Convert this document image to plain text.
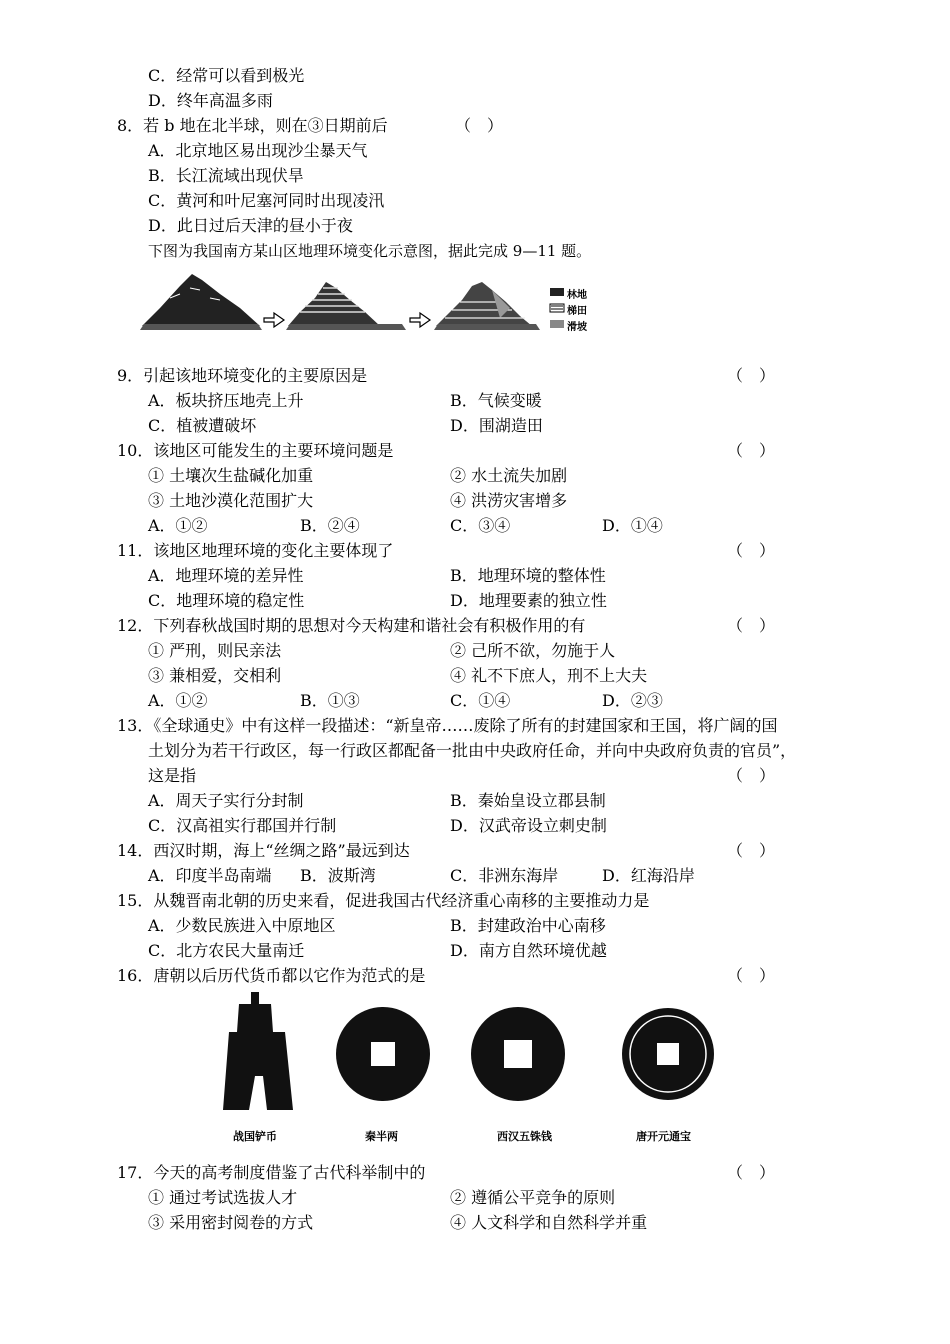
C．经常可以看到极光
D．终年高温多雨
8．若 b 地在北半球，则在③日期前后	（　）
A．北京地区易出现沙尘暴天气
B．长江流域出现伏旱
C．黄河和叶尼塞河同时出现凌汛
D．此日过后天津的昼小于夜
下图为我国南方某山区地理环境变化示意图，据此完成 9—11 题。
林地
梯田
滑坡
9．引起该地环境变化的主要原因是	（　）
A．板块挤压地壳上升	B．气候变暖
C．植被遭破坏	D．围湖造田
10．该地区可能发生的主要环境问题是	（　）
① 土壤次生盐碱化加重	② 水土流失加剧
③ 土地沙漠化范围扩大	④ 洪涝灾害增多
A．①②	B．②④	C．③④	D．①④
11．该地区地理环境的变化主要体现了	（　）
A．地理环境的差异性	B．地理环境的整体性
C．地理环境的稳定性	D．地理要素的独立性
12．下列春秋战国时期的思想对今天构建和谐社会有积极作用的有	（　）
① 严刑，则民亲法	② 己所不欲，勿施于人
③ 兼相爱，交相利	④ 礼不下庶人，刑不上大夫
A．①②	B．①③	C．①④	D．②③
13．《全球通史》中有这样一段描述：“新皇帝……废除了所有的封建国家和王国，将广阔的国
土划分为若干行政区，每一行政区都配备一批由中央政府任命，并向中央政府负责的官员”，
这是指	（　）
A．周天子实行分封制	B．秦始皇设立郡县制
C．汉高祖实行郡国并行制	D．汉武帝设立刺史制
14．西汉时期，海上“丝绸之路”最远到达	（　）
A．印度半岛南端 B．波斯湾	C．非洲东海岸	D．红海沿岸
15．从魏晋南北朝的历史来看，促进我国古代经济重心南移的主要推动力是
A．少数民族进入中原地区	B．封建政治中心南移
C．北方农民大量南迁	D．南方自然环境优越
16．唐朝以后历代货币都以它作为范式的是	（　）
战国铲币	秦半两	西汉五铢钱	唐开元通宝
17．今天的高考制度借鉴了古代科举制中的	（　）
① 通过考试选拔人才	② 遵循公平竞争的原则
③ 采用密封阅卷的方式	④ 人文科学和自然科学并重
